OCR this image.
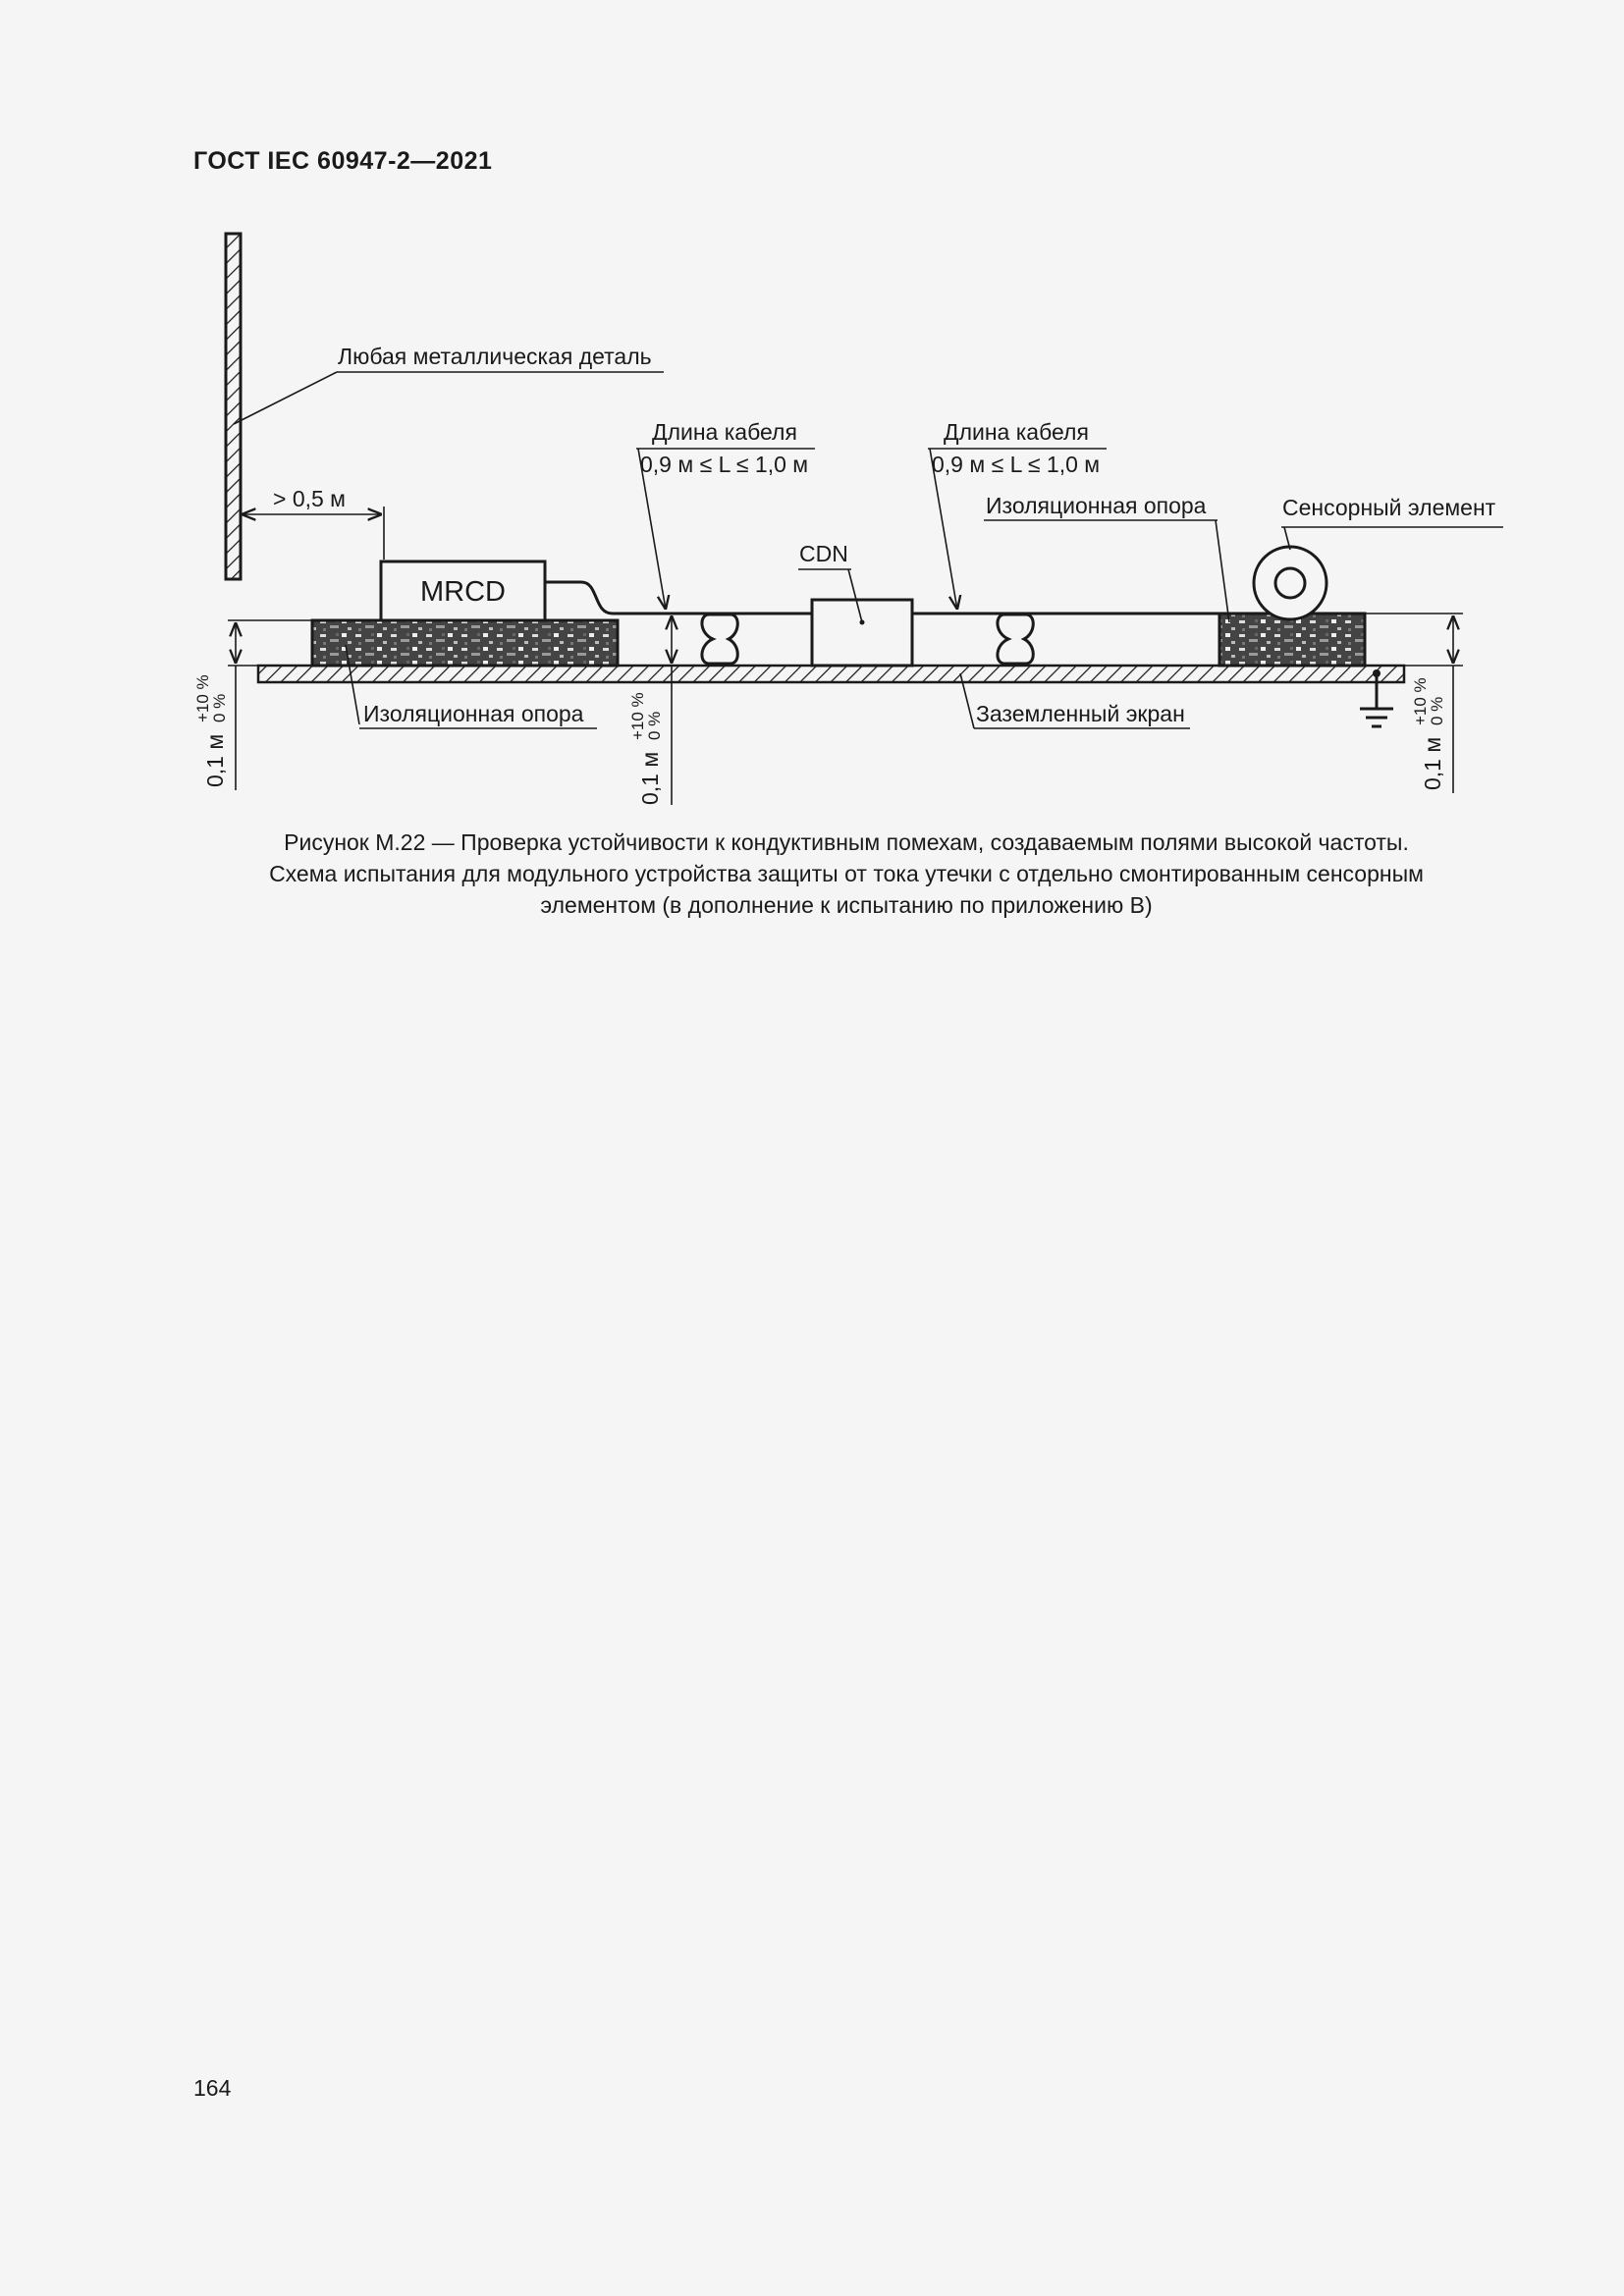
ГОСТ IEC 60947-2—2021
Любая металлическая деталь
> 0,5 м
MRCD
CDN
Сенсорный элемент
Длина кабеля
0,9 м ≤ L ≤ 1,0 м
Длина кабеля
0,9 м ≤ L ≤ 1,0 м
Изоляционная опора
Изоляционная опора	Заземленный экран
0,1 м
+10 %
0 %
0,1 м
+10 %
0 %
0,1 м
+10 %
0 %
Рисунок М.22 — Проверка устойчивости к кондуктивным помехам, создаваемым полями высокой частоты.
Схема испытания для модульного устройства защиты от тока утечки с отдельно смонтированным сенсорным
элементом (в дополнение к испытанию по приложению В)
164
